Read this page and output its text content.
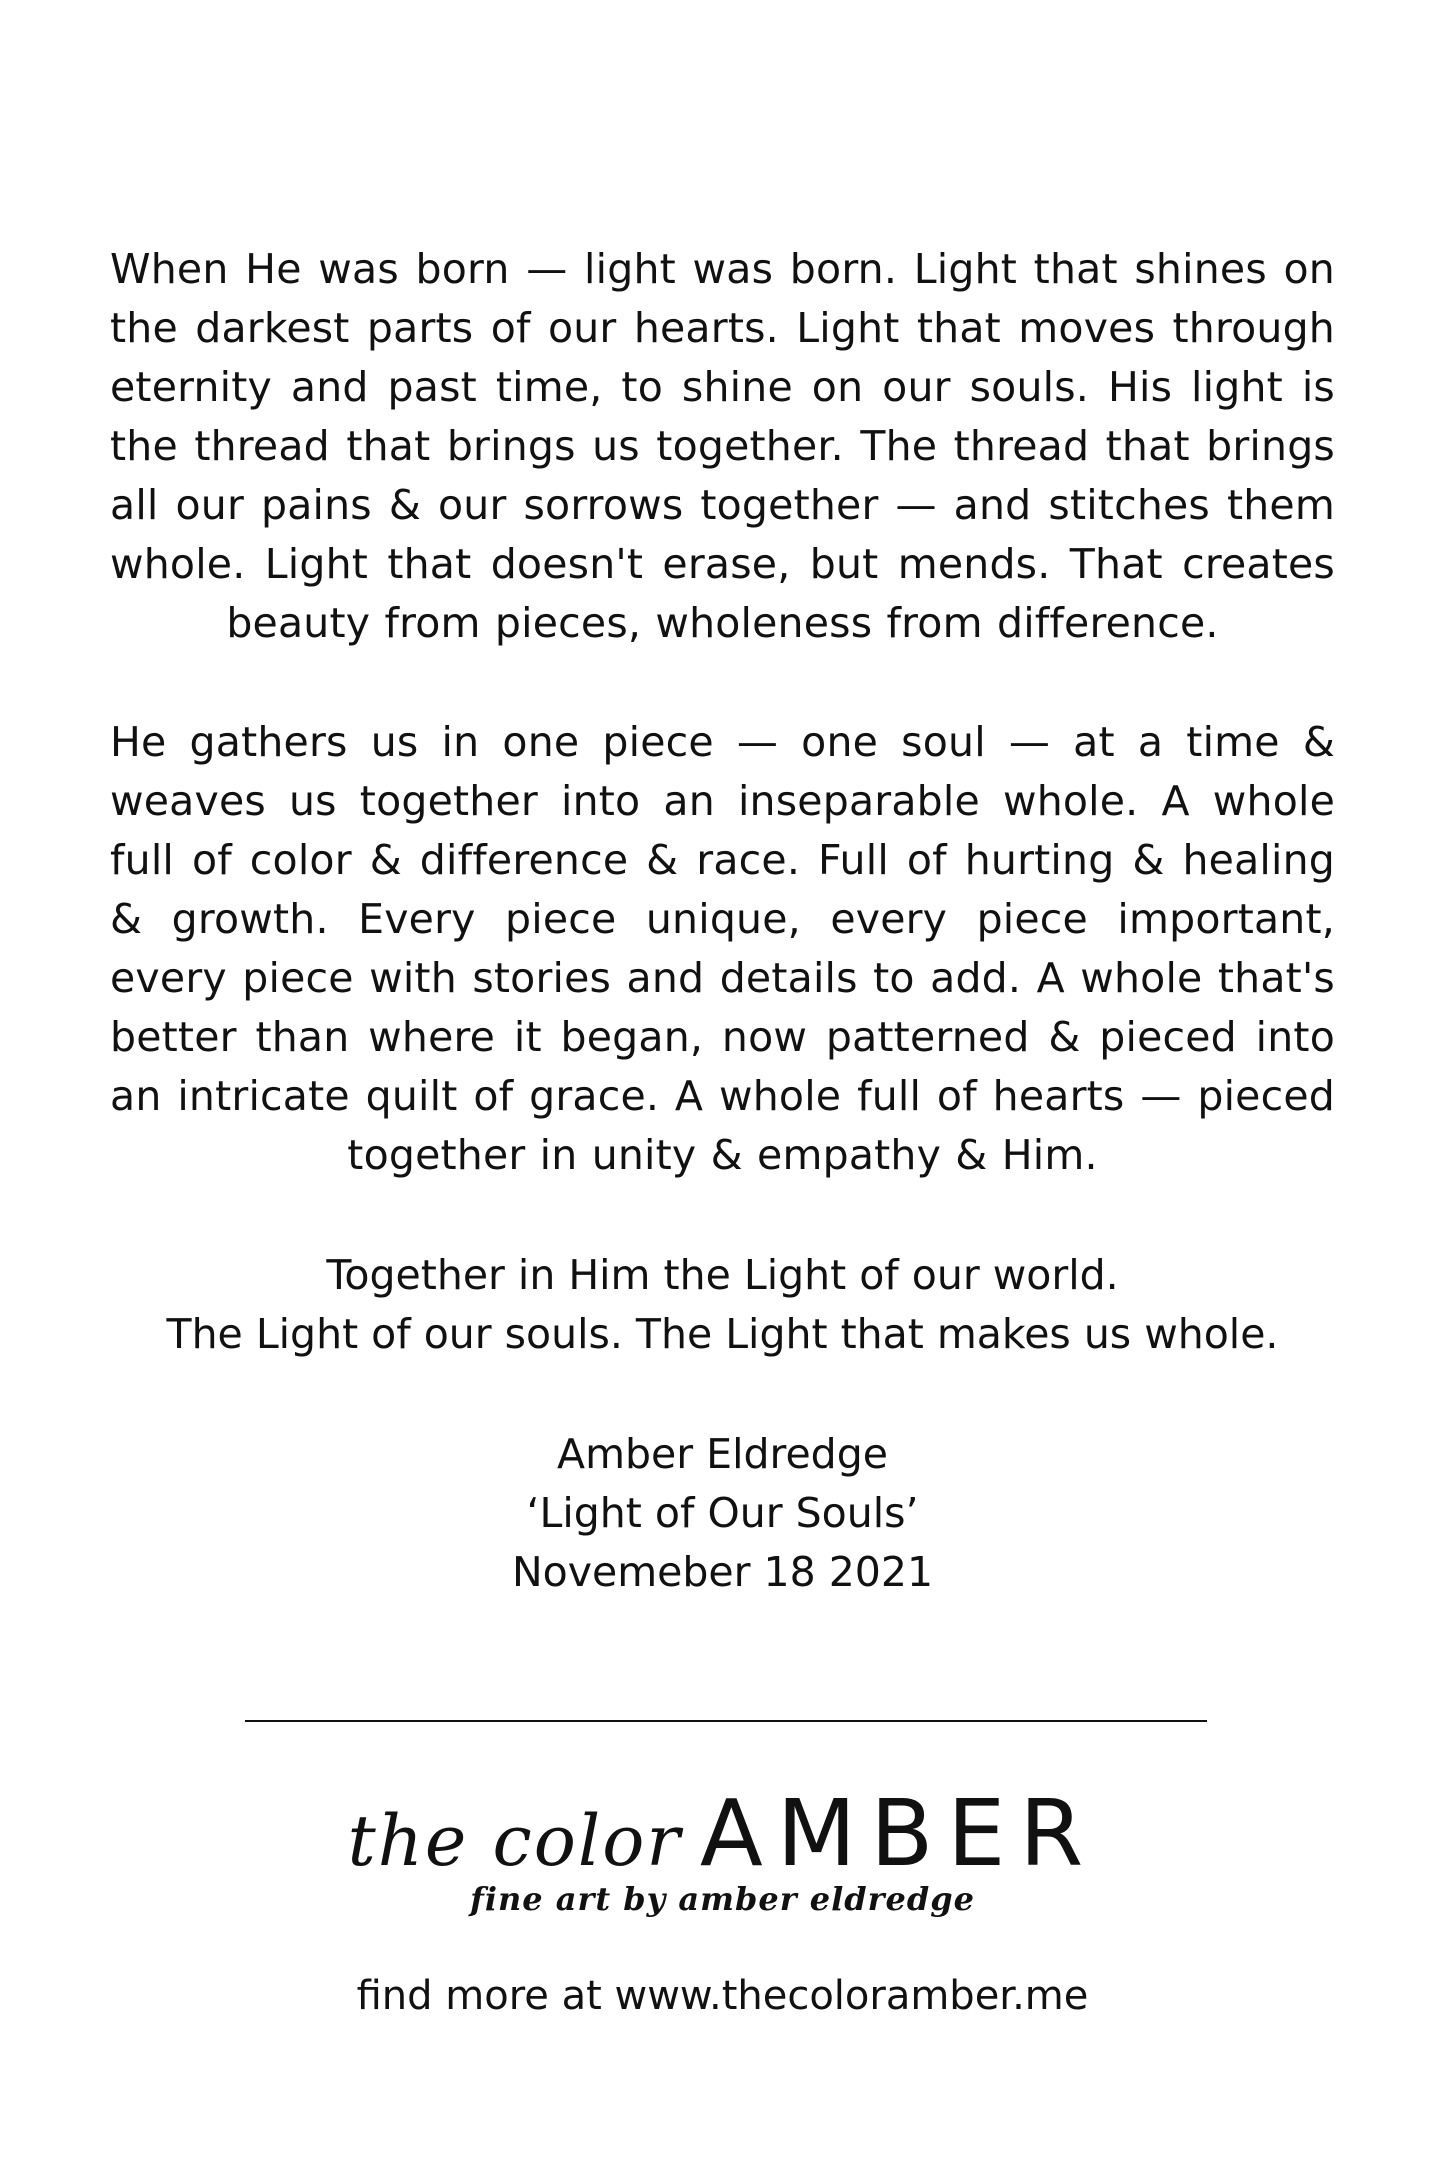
When He was born — light was born. Light that shines on the darkest parts of our hearts. Light that moves through eternity and past time, to shine on our souls. His light is the thread that brings us together. The thread that brings all our pains & our sorrows together — and stitches them whole. Light that doesn't erase, but mends. That creates beauty from pieces, wholeness from difference.

He gathers us in one piece — one soul — at a time & weaves us together into an inseparable whole. A whole full of color & difference & race. Full of hurting & healing & growth. Every piece unique, every piece important, every piece with stories and details to add. A whole that's better than where it began, now patterned & pieced into an intricate quilt of grace. A whole full of hearts — pieced together in unity & empathy & Him.

Together in Him the Light of our world.
The Light of our souls. The Light that makes us whole.

Amber Eldredge
‘Light of Our Souls’
Novemeber 18 2021

the color AMBER
fine art by amber eldredge
find more at www.thecoloramber.me
